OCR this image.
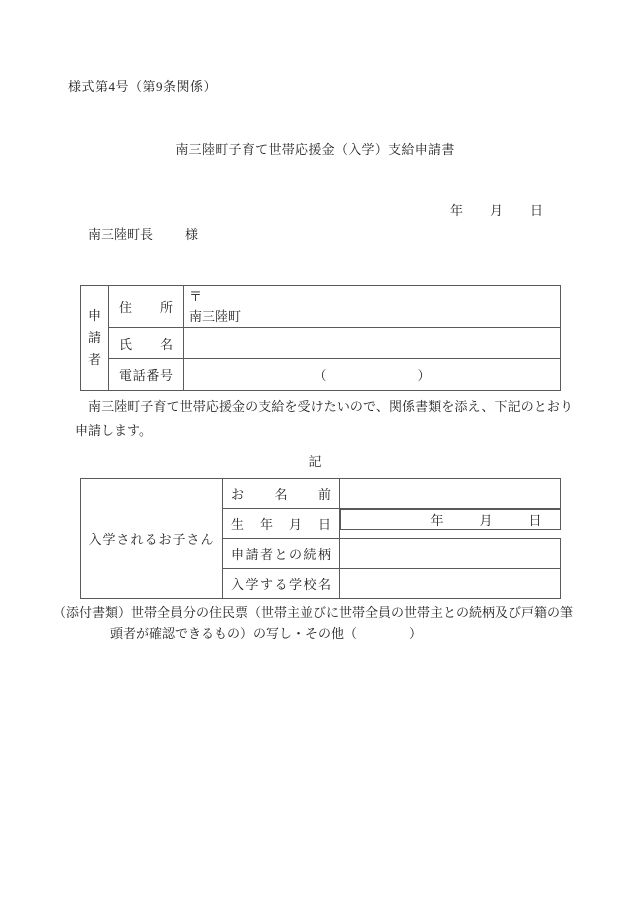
様式第4号（第9条関係）
南三陸町子育て世帯応援金（入学）支給申請書
年 月 日
南三陸町長 様
申
請
者
	住所	
〒
南三陸町

	氏名	
	電話番号	（　　　　　　　）
南三陸町子育て世帯応援金の支給を受けたいので、関係書類を添え、下記のとおり申請します。
記
入学されるお子さん	お名前	
	生年月日		年	月	日

	申請者との続柄	
	入学する学校名	
（添付書類）世帯全員分の住民票（世帯主並びに世帯全員の世帯主との続柄及び戸籍の筆
頭者が確認できるもの）の写し・その他（　　　　）
